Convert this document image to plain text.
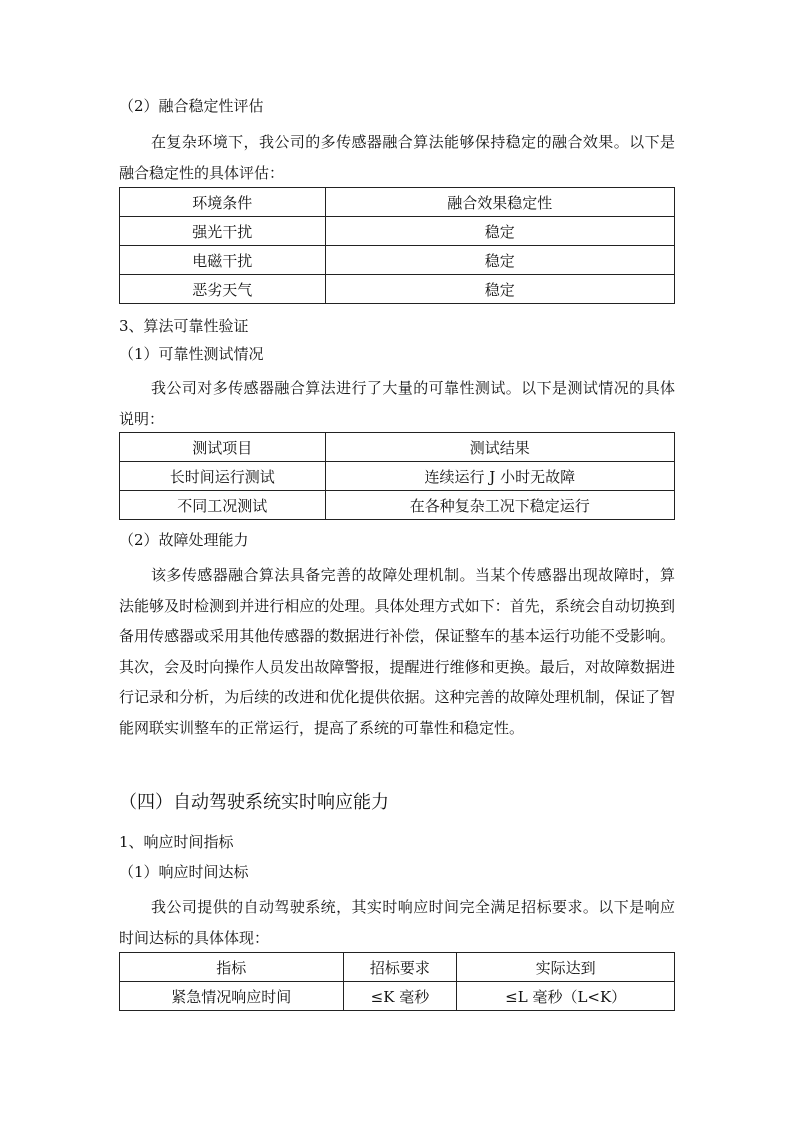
（2）融合稳定性评估
在复杂环境下，我公司的多传感器融合算法能够保持稳定的融合效果。以下是融合稳定性的具体评估：
环境条件	融合效果稳定性
强光干扰	稳定
电磁干扰	稳定
恶劣天气	稳定
3、算法可靠性验证
（1）可靠性测试情况
我公司对多传感器融合算法进行了大量的可靠性测试。以下是测试情况的具体说明：
测试项目	测试结果
长时间运行测试	连续运行 J 小时无故障
不同工况测试	在各种复杂工况下稳定运行
（2）故障处理能力
该多传感器融合算法具备完善的故障处理机制。当某个传感器出现故障时，算法能够及时检测到并进行相应的处理。具体处理方式如下：首先，系统会自动切换到备用传感器或采用其他传感器的数据进行补偿，保证整车的基本运行功能不受影响。其次，会及时向操作人员发出故障警报，提醒进行维修和更换。最后，对故障数据进行记录和分析，为后续的改进和优化提供依据。这种完善的故障处理机制，保证了智能网联实训整车的正常运行，提高了系统的可靠性和稳定性。
（四）自动驾驶系统实时响应能力
1、响应时间指标
（1）响应时间达标
我公司提供的自动驾驶系统，其实时响应时间完全满足招标要求。以下是响应时间达标的具体体现：
指标	招标要求	实际达到
紧急情况响应时间	≤K 毫秒	≤L 毫秒（L<K）
